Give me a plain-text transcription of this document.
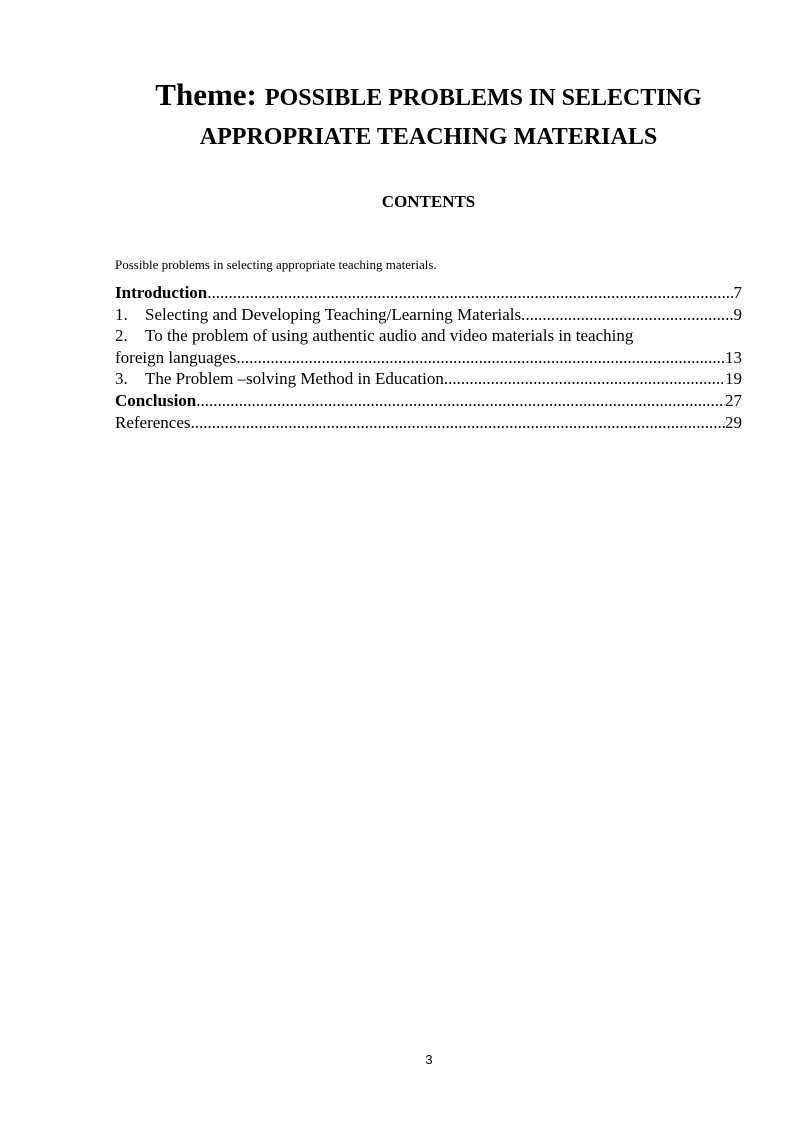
Theme: POSSIBLE PROBLEMS IN SELECTING
APPROPRIATE TEACHING MATERIALS
CONTENTS
Possible problems in selecting appropriate teaching materials.
Introduction .....	7
1. Selecting and Developing Teaching/Learning Materials .....	9
2. To the problem of using authentic audio and video materials in teaching
foreign languages .....	13
3. The Problem –solving Method in Education .....	19
Conclusion .....	27
References .....	29
3
